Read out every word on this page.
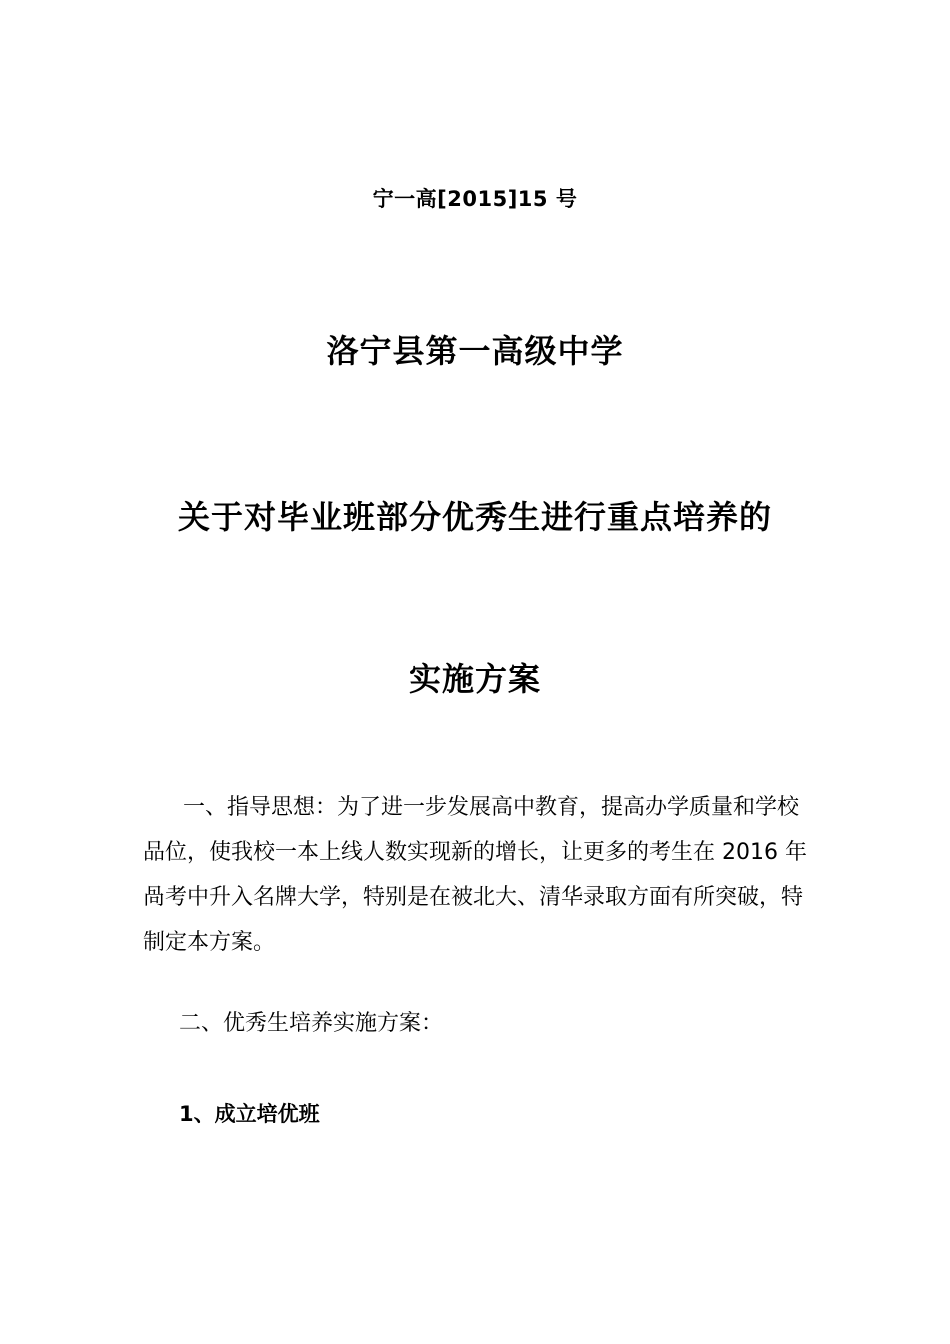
宁一高[2015]15 号
洛宁县第一高级中学
关于对毕业班部分优秀生进行重点培养的
实施方案
一、指导思想：为了进一步发展高中教育，提高办学质量和学校品位，使我校一本上线人数实现新的增长，让更多的考生在 2016 年咼考中升入名牌大学，特别是在被北大、清华录取方面有所突破，特制定本方案。
二、优秀生培养实施方案：
1、成立培优班
